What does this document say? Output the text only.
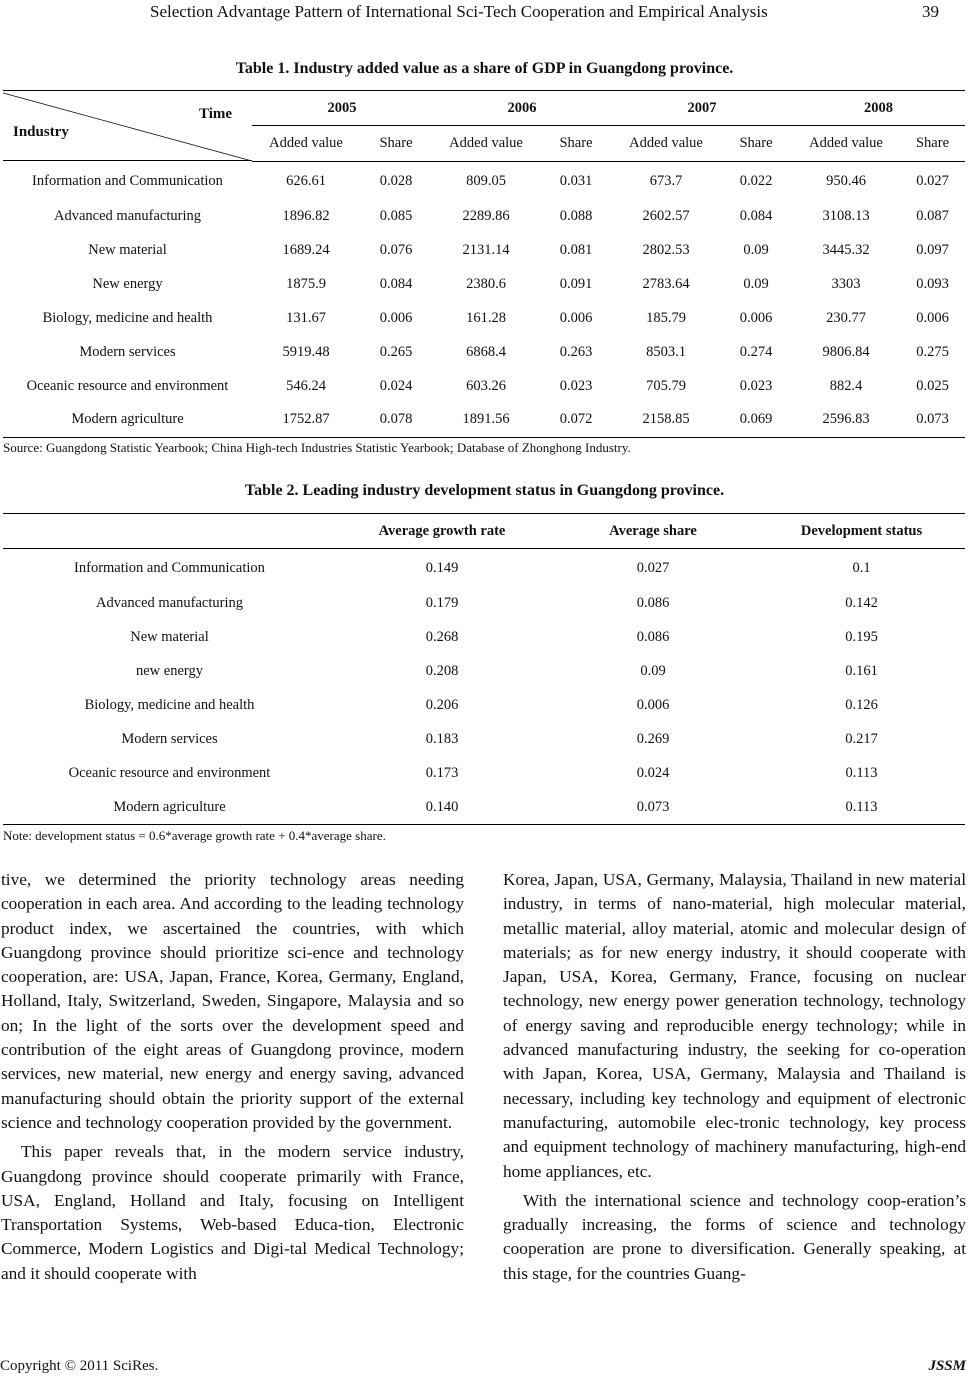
Selection Advantage Pattern of International Sci-Tech Cooperation and Empirical Analysis	39
Table 1. Industry added value as a share of GDP in Guangdong province.
Time
Industry	2005		2006		2007		2008	
	Added value	Share	Added value	Share	Added value	Share	Added value	Share
Information and Communication	626.61	0.028	809.05	0.031	673.7	0.022	950.46	0.027
Advanced manufacturing	1896.82	0.085	2289.86	0.088	2602.57	0.084	3108.13	0.087
New material	1689.24	0.076	2131.14	0.081	2802.53	0.09	3445.32	0.097
New energy	1875.9	0.084	2380.6	0.091	2783.64	0.09	3303	0.093
Biology, medicine and health	131.67	0.006	161.28	0.006	185.79	0.006	230.77	0.006
Modern services	5919.48	0.265	6868.4	0.263	8503.1	0.274	9806.84	0.275
Oceanic resource and environment	546.24	0.024	603.26	0.023	705.79	0.023	882.4	0.025
Modern agriculture	1752.87	0.078	1891.56	0.072	2158.85	0.069	2596.83	0.073
Source: Guangdong Statistic Yearbook; China High-tech Industries Statistic Yearbook; Database of Zhonghong Industry.
Table 2. Leading industry development status in Guangdong province.
	Average growth rate	Average share	Development status
Information and Communication	0.149	0.027	0.1
Advanced manufacturing	0.179	0.086	0.142
New material	0.268	0.086	0.195
new energy	0.208	0.09	0.161
Biology, medicine and health	0.206	0.006	0.126
Modern services	0.183	0.269	0.217
Oceanic resource and environment	0.173	0.024	0.113
Modern agriculture	0.140	0.073	0.113
Note: development status = 0.6*average growth rate + 0.4*average share.

tive, we determined the priority technology areas needing cooperation in each area. And according to the leading technology product index, we ascertained the countries, with which Guangdong province should prioritize sci-ence and technology cooperation, are: USA, Japan, France, Korea, Germany, England, Holland, Italy, Switzerland, Sweden, Singapore, Malaysia and so on; In the light of the sorts over the development speed and contribution of the eight areas of Guangdong province, modern services, new material, new energy and energy saving, advanced manufacturing should obtain the priority support of the external science and technology cooperation provided by the government.

This paper reveals that, in the modern service industry, Guangdong province should cooperate primarily with France, USA, England, Holland and Italy, focusing on Intelligent Transportation Systems, Web-based Educa-tion, Electronic Commerce, Modern Logistics and Digi-tal Medical Technology; and it should cooperate with

Korea, Japan, USA, Germany, Malaysia, Thailand in new material industry, in terms of nano-material, high molecular material, metallic material, alloy material, atomic and molecular design of materials; as for new energy industry, it should cooperate with Japan, USA, Korea, Germany, France, focusing on nuclear technology, new energy power generation technology, technology of energy saving and reproducible energy technology; while in advanced manufacturing industry, the seeking for co-operation with Japan, Korea, USA, Germany, Malaysia and Thailand is necessary, including key technology and equipment of electronic manufacturing, automobile elec-tronic technology, key process and equipment technology of machinery manufacturing, high-end home appliances, etc.

With the international science and technology coop-eration’s gradually increasing, the forms of science and technology cooperation are prone to diversification. Generally speaking, at this stage, for the countries Guang-

Copyright © 2011 SciRes.	JSSM
